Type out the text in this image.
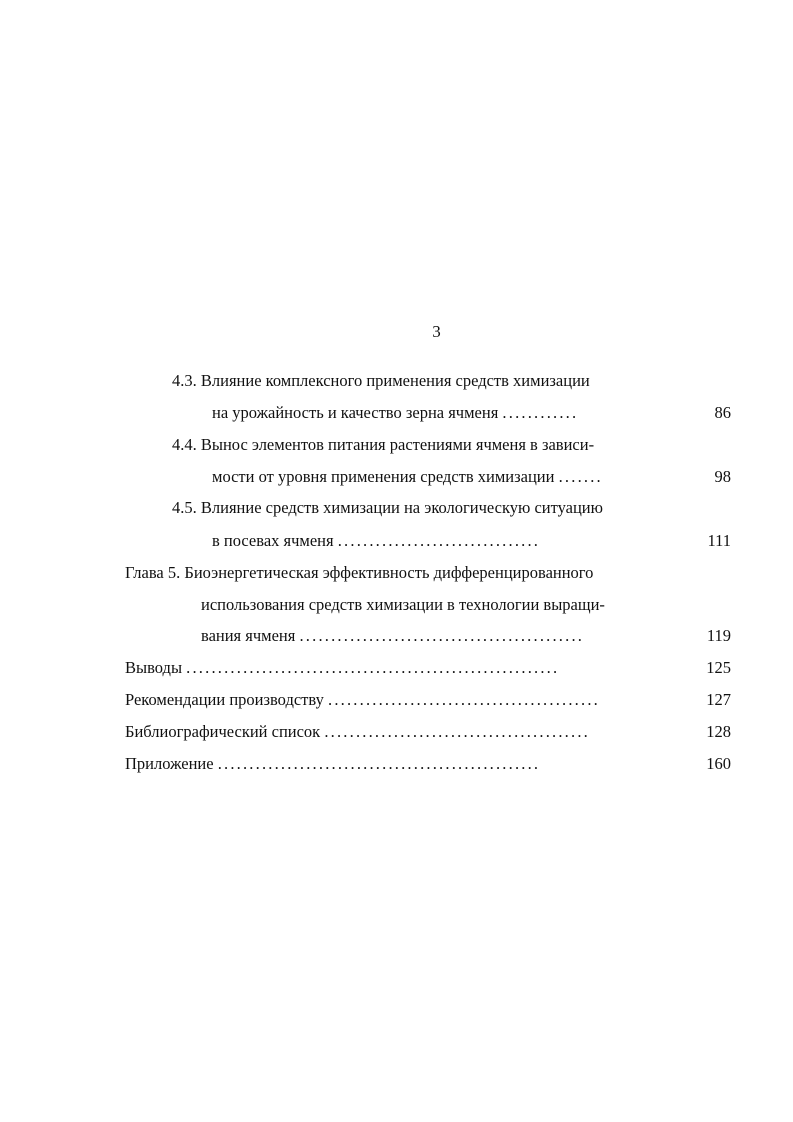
3
4.3. Влияние комплексного применения средств химизации
на урожайность и качество зерна ячменя ............	86
4.4. Вынос элементов питания растениями ячменя в зависи-
мости от уровня применения средств химизации .......	98
4.5. Влияние средств химизации на экологическую ситуацию
в посевах ячменя ................................	111
Глава 5. Биоэнергетическая эффективность дифференцированного
использования средств химизации в технологии выращи-
вания ячменя .............................................	119
Выводы ...........................................................	125
Рекомендации производству ...........................................	127
Библиографический список ..........................................	128
Приложение ...................................................	160
